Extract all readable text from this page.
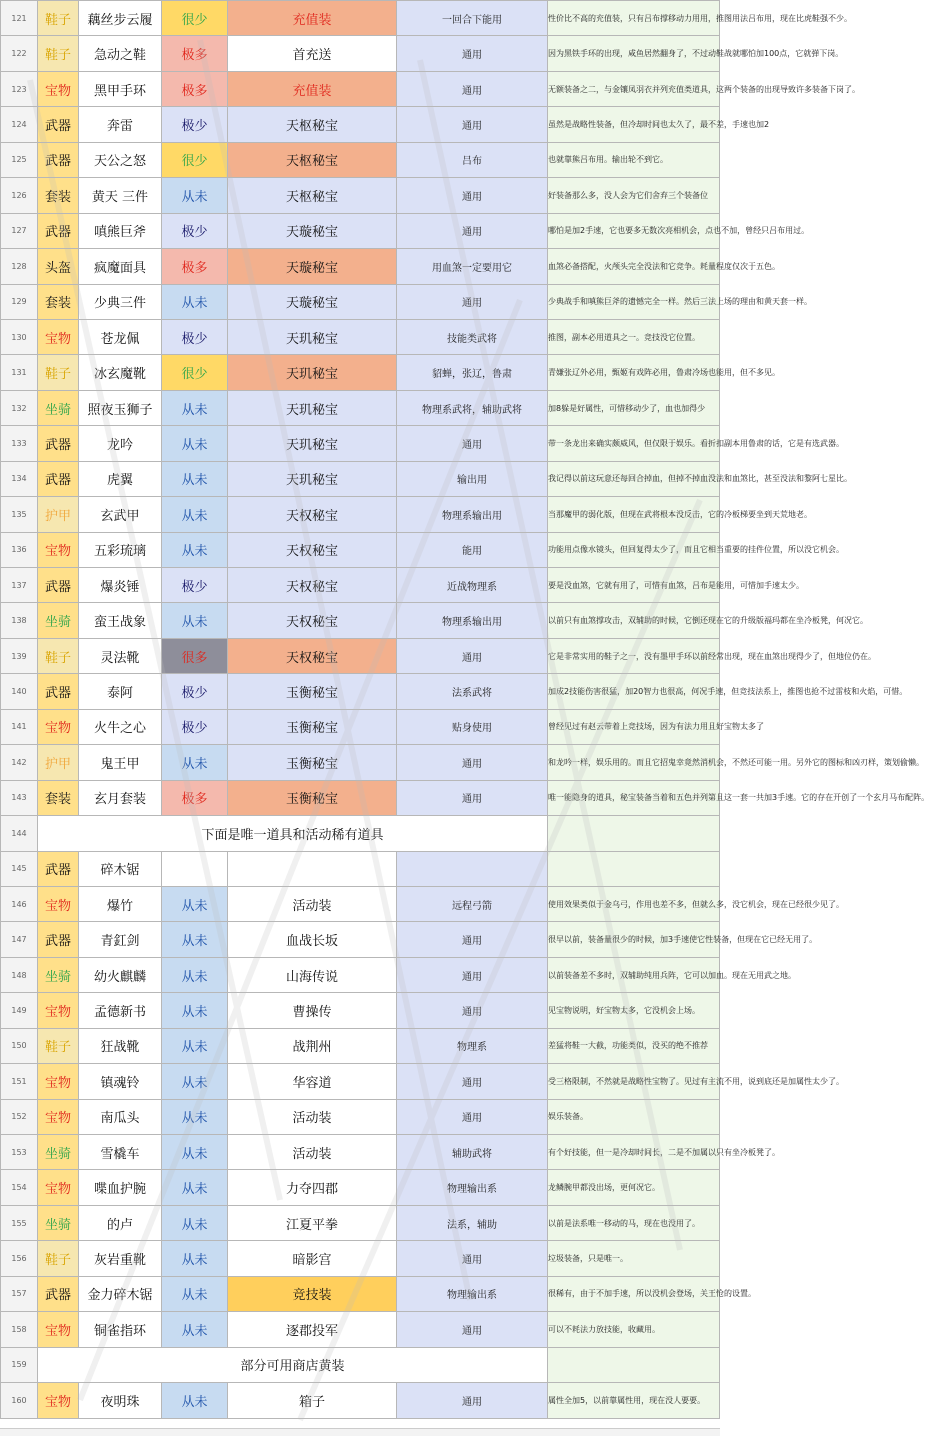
121	鞋子	藕丝步云履	很少	充值装	一回合下能用	性价比不高的充值装，只有吕布撑移动力用用，推图用法吕布用，现在比虎鞋强不少。
122	鞋子	急动之鞋	极多	首充送	通用	因为黑铁手环的出现，咸鱼居然翻身了，不过动鞋战就哪怕加100点，它就弹下岗。
123	宝物	黑甲手环	极多	充值装	通用	无额装备之二，与金镶凤羽衣并列充值类道具，这两个装备的出现导致许多装备下岗了。
124	武器	奔雷	极少	天枢秘宝	通用	虽然是战略性装备，但冷却时间也太久了，最不差，手速也加2
125	武器	天公之怒	很少	天枢秘宝	吕布	也就靠熊吕布用。输出轮不到它。
126	套装	黄天 三件	从未	天枢秘宝	通用	好装备那么多，没人会为它们舍弃三个装备位
127	武器	嗔熊巨斧	极少	天璇秘宝	通用	哪怕是加2手速，它也要多无数次亮相机会，点也不加，曾经只吕布用过。
128	头盔	疯魔面具	极多	天璇秘宝	用血煞一定要用它	血煞必备搭配，火颅头完全没法和它竞争。耗量程度仅次于五色。
129	套装	少典三件	从未	天璇秘宝	通用	少典战手和嗔熊巨斧的遗憾完全一样。然后三法上场的理由和黄天套一样。
130	宝物	苍龙佩	极少	天玑秘宝	技能类武将	推图，副本必用道具之一。竞技没它位置。
131	鞋子	冰玄魔靴	很少	天玑秘宝	貂蝉，张辽，鲁肃	青嫌张辽外必用，甄姬有戏阵必用，鲁肃冷场也能用，但不多见。
132	坐骑	照夜玉狮子	从未	天玑秘宝	物理系武将，辅助武将	加8躲是好属性，可惜移动少了，血也加得少
133	武器	龙吟	从未	天玑秘宝	通用	带一条龙出来确实颇威风，但仅限于娱乐。看折扣副本用鲁肃的话，它是有选武器。
134	武器	虎翼	从未	天玑秘宝	输出用	我记得以前这玩意还每回合掉血，但掉不掉血没法和血煞比，甚至没法和黎阿七星比。
135	护甲	玄武甲	从未	天权秘宝	物理系输出用	当那魔甲的弱化版，但现在武将根本没反击，它的冷板梯要坐到天荒地老。
136	宝物	五彩琉璃	从未	天权秘宝	能用	功能用点像水镜头，但回复得太少了，而且它相当重要的挂件位置，所以没它机会。
137	武器	爆炎锤	极少	天权秘宝	近战物理系	要是没血煞，它就有用了，可惜有血煞，吕布是能用，可惜加手速太少。
138	坐骑	蛮王战象	从未	天权秘宝	物理系输出用	以前只有血煞撑攻击，双辅助的时候，它倒还现在它的升级版福玛都在坐冷板凳，何况它。
139	鞋子	灵法靴	很多	天权秘宝	通用	它是非常实用的鞋子之一，没有墨甲手环以前经常出现，现在血煞出现得少了，但地位仍在。
140	武器	泰阿	极少	玉衡秘宝	法系武将	加成2技能伤害很猛，加20智力也很高，何况手速，但竞技法系上，推图也抢不过雷枝和火焰，可惜。
141	宝物	火牛之心	极少	玉衡秘宝	贴身使用	曾经见过有赵云带着上竞技场，因为有法力用且好宝物太多了
142	护甲	鬼王甲	从未	玉衡秘宝	通用	和龙吟一样，娱乐用的。而且它招鬼幸竟然消机会，不然还可能一用。另外它的图标和凶刃样，策划偷懒。
143	套装	玄月套装	极多	玉衡秘宝	通用	唯一能隐身的道具，秘宝装备当着和五色并列第且这一套一共加3手速。它的存在开创了一个玄月马布配阵。
144	下面是唯一道具和活动稀有道具					
145	武器	碎木锯				
146	宝物	爆竹	从未	活动装	远程弓箭	使用效果类似于金乌弓，作用也差不多，但就么多，没它机会，现在已经很少见了。
147	武器	青釭剑	从未	血战长坂	通用	很早以前，装备量很少的时候，加3手速使它性装备，但现在它已经无用了。
148	坐骑	幼火麒麟	从未	山海传说	通用	以前装备差不多时，双辅助纯用兵阵，它可以加血。现在无用武之地。
149	宝物	孟德新书	从未	曹操传	通用	见宝物说明，好宝物太多，它没机会上场。
150	鞋子	狂战靴	从未	战荆州	物理系	差猛将鞋一大截，功能类似，没买的绝不推荐
151	宝物	镇魂铃	从未	华容道	通用	受三格限制，不然就是战略性宝物了。见过有主流不用，说到底还是加属性太少了。
152	宝物	南瓜头	从未	活动装	通用	娱乐装备。
153	坐骑	雪橇车	从未	活动装	辅助武将	有个好技能，但一是冷却时间长，二是不加属以只有坐冷板凳了。
154	宝物	喋血护腕	从未	力夺四郡	物理输出系	龙鳞腕甲都没出场，更何况它。
155	坐骑	的卢	从未	江夏平拳	法系，辅助	以前是法系唯一移动的马，现在也没用了。
156	鞋子	灰岩重靴	从未	暗影宫	通用	垃圾装备，只是唯一。
157	武器	金力碎木锯	从未	竞技装	物理输出系	很稀有，由于不加手速，所以没机会登场，关王怆的设置。
158	宝物	铜雀指环	从未	逐郡投军	通用	可以不耗法力放技能，收藏用。
159	部分可用商店黄装					
160	宝物	夜明珠	从未	箱子	通用	属性全加5，以前靠属性用，现在没人要要。
